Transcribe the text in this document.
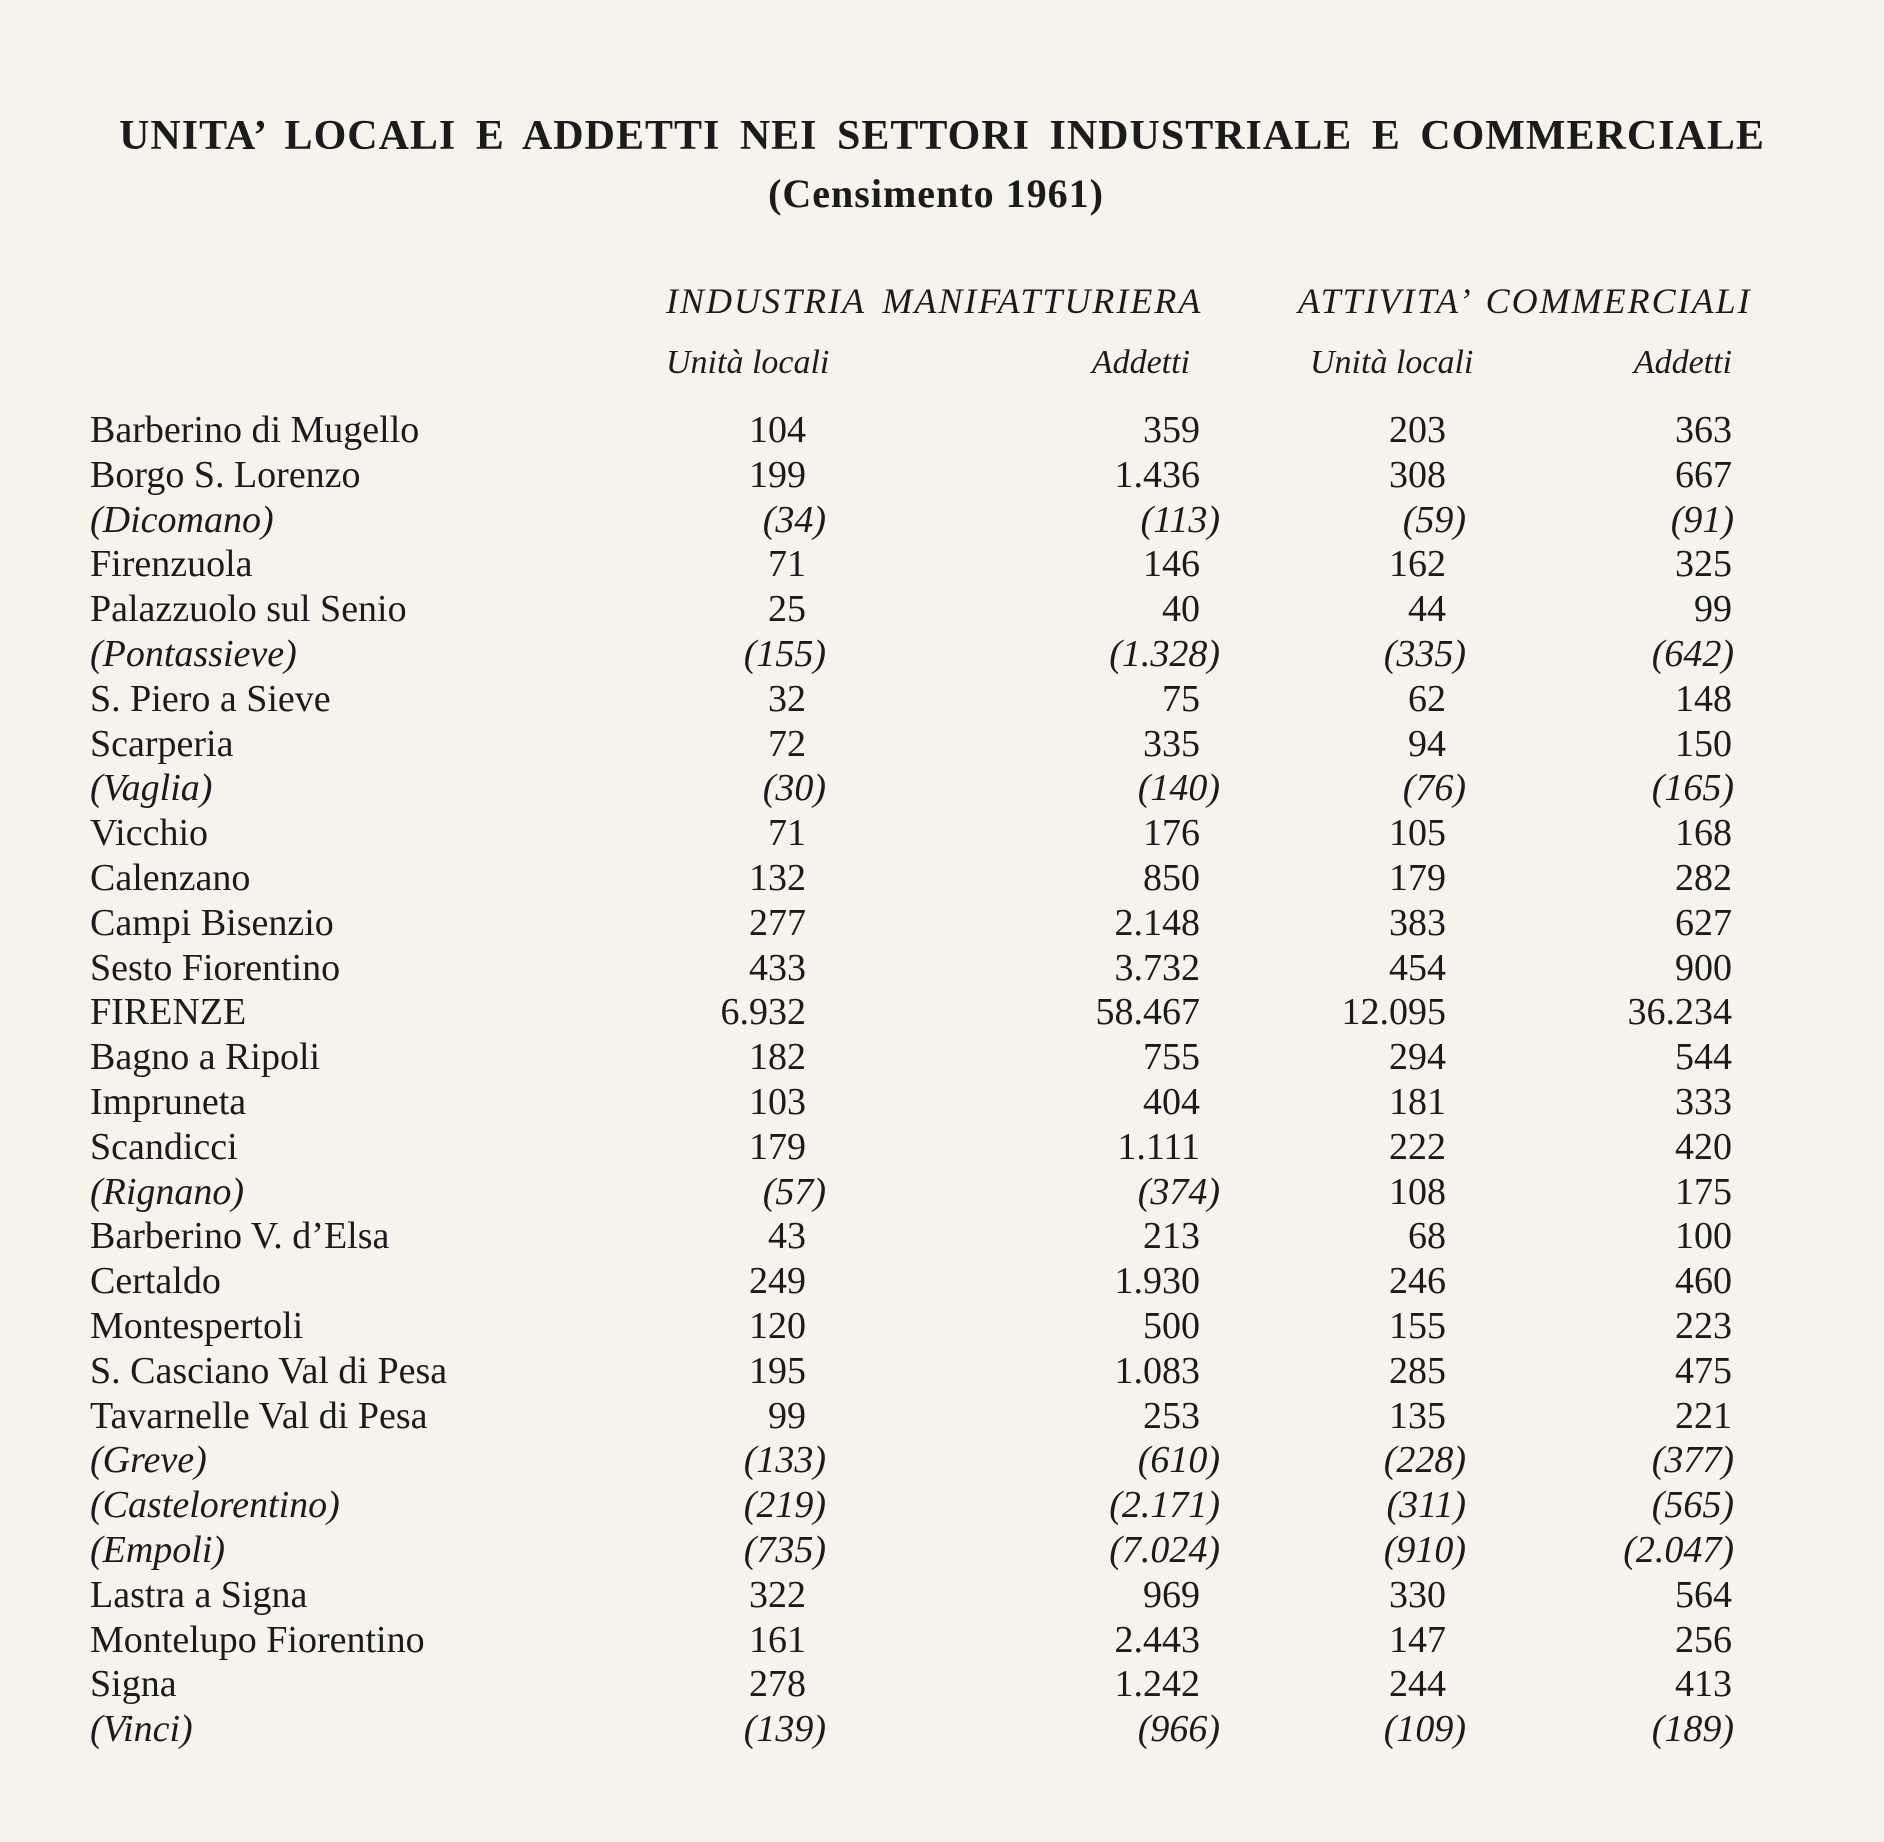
UNITA’ LOCALI E ADDETTI NEI SETTORI INDUSTRIALE E COMMERCIALE
(Censimento 1961)
INDUSTRIA MANIFATTURIERA	ATTIVITA’ COMMERCIALI
Unità locali	Addetti	Unità locali	Addetti
Barberino di Mugello	104	359	203	363
Borgo S. Lorenzo	199	1.436	308	667
(Dicomano)	(34)	(113)	(59)	(91)
Firenzuola	71	146	162	325
Palazzuolo sul Senio	25	40	44	99
(Pontassieve)	(155)	(1.328)	(335)	(642)
S. Piero a Sieve	32	75	62	148
Scarperia	72	335	94	150
(Vaglia)	(30)	(140)	(76)	(165)
Vicchio	71	176	105	168
Calenzano	132	850	179	282
Campi Bisenzio	277	2.148	383	627
Sesto Fiorentino	433	3.732	454	900
FIRENZE	6.932	58.467	12.095	36.234
Bagno a Ripoli	182	755	294	544
Impruneta	103	404	181	333
Scandicci	179	1.111	222	420
(Rignano)	(57)	(374)	108	175
Barberino V. d’Elsa	43	213	68	100
Certaldo	249	1.930	246	460
Montespertoli	120	500	155	223
S. Casciano Val di Pesa	195	1.083	285	475
Tavarnelle Val di Pesa	99	253	135	221
(Greve)	(133)	(610)	(228)	(377)
(Castelorentino)	(219)	(2.171)	(311)	(565)
(Empoli)	(735)	(7.024)	(910)	(2.047)
Lastra a Signa	322	969	330	564
Montelupo Fiorentino	161	2.443	147	256
Signa	278	1.242	244	413
(Vinci)	(139)	(966)	(109)	(189)
